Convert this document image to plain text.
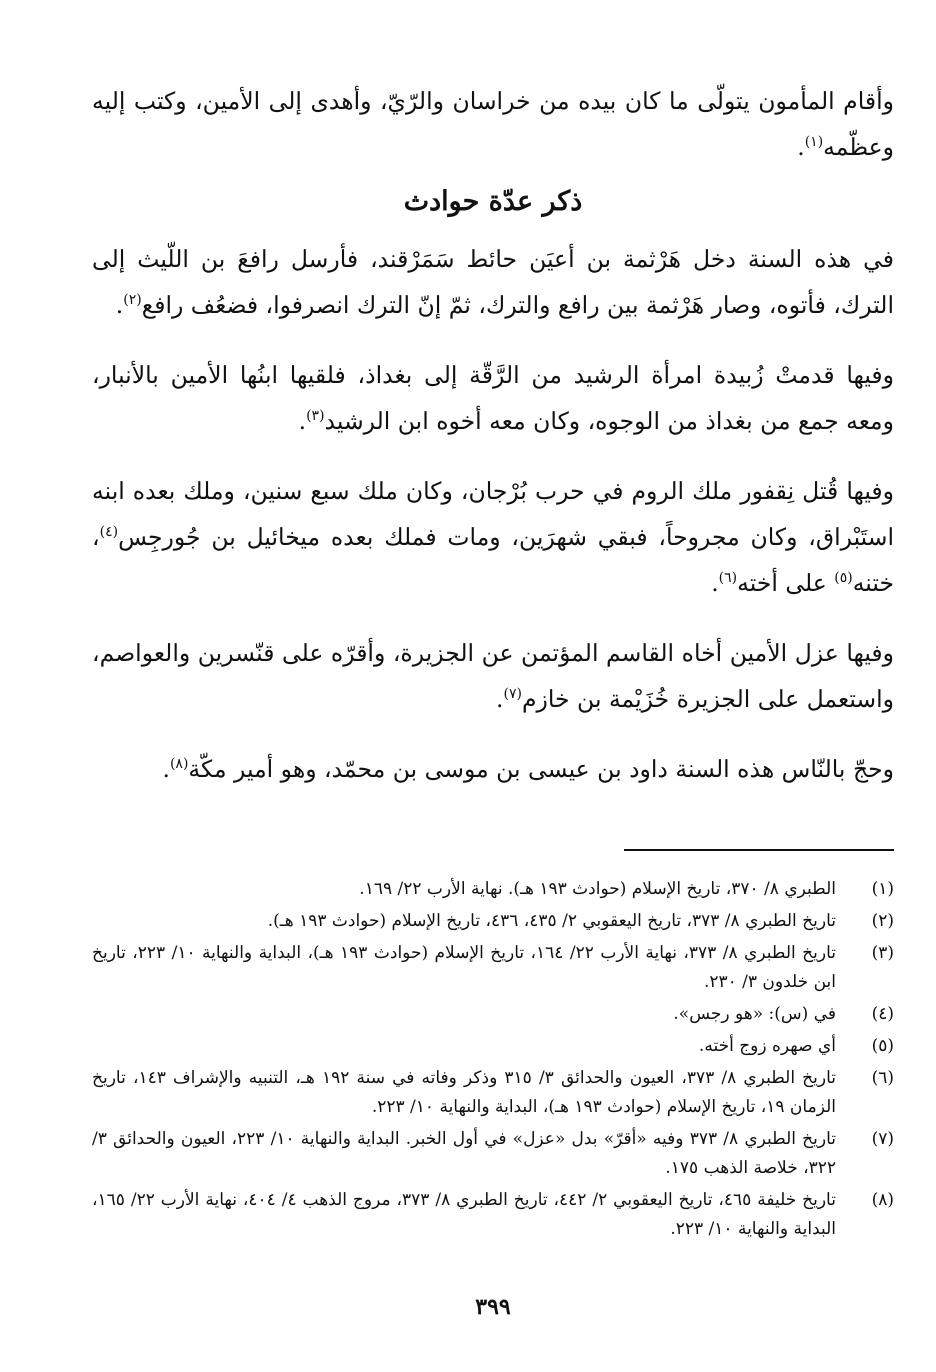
وأقام المأمون يتولّى ما كان بيده من خراسان والرّيّ، وأهدى إلى الأمين، وكتب إليه وعظّمه$^{(١)}$.

ذكر عدّة حوادث

في هذه السنة دخل هَرْثمة بن أعيَن حائط سَمَرْقند، فأرسل رافعَ بن اللّيث إلى الترك، فأتوه، وصار هَرْثمة بين رافع والترك، ثمّ إنّ الترك انصرفوا، فضعُف رافع$^{(٢)}$.

وفيها قدمتْ زُبيدة امرأة الرشيد من الرَّقّة إلى بغداذ، فلقيها ابنُها الأمين بالأنبار، ومعه جمع من بغداذ من الوجوه، وكان معه أخوه ابن الرشيد$^{(٣)}$.

وفيها قُتل نِقفور ملك الروم في حرب بُرْجان، وكان ملك سبع سنين، وملك بعده ابنه استَبْراق، وكان مجروحاً، فبقي شهرَين، ومات فملك بعده ميخائيل بن جُورجِس$^{(٤)}$، ختنه$^{(٥)}$ على أخته$^{(٦)}$.

وفيها عزل الأمين أخاه القاسم المؤتمن عن الجزيرة، وأقرّه على قنّسرين والعواصم، واستعمل على الجزيرة خُزَيْمة بن خازم$^{(٧)}$.

وحجّ بالنّاس هذه السنة داود بن عيسى بن موسى بن محمّد، وهو أمير مكّة$^{(٨)}$.

(١)
الطبري ٨/ ٣٧٠، تاريخ الإسلام (حوادث ١٩٣ هـ). نهاية الأرب ٢٢/ ١٦٩.
(٢)
تاريخ الطبري ٨/ ٣٧٣، تاريخ اليعقوبي ٢/ ٤٣٥، ٤٣٦، تاريخ الإسلام (حوادث ١٩٣ هـ).
(٣)
تاريخ الطبري ٨/ ٣٧٣، نهاية الأرب ٢٢/ ١٦٤، تاريخ الإسلام (حوادث ١٩٣ هـ)، البداية والنهاية ١٠/ ٢٢٣، تاريخ ابن خلدون ٣/ ٢٣٠.
(٤)
في (س): «هو رجس».
(٥)
أي صهره زوج أخته.
(٦)
تاريخ الطبري ٨/ ٣٧٣، العيون والحدائق ٣/ ٣١٥ وذكر وفاته في سنة ١٩٢ هـ، التنبيه والإشراف ١٤٣، تاريخ الزمان ١٩، تاريخ الإسلام (حوادث ١٩٣ هـ)، البداية والنهاية ١٠/ ٢٢٣.
(٧)
تاريخ الطبري ٨/ ٣٧٣ وفيه «أقرّ» بدل «عزل» في أول الخبر. البداية والنهاية ١٠/ ٢٢٣، العيون والحدائق ٣/ ٣٢٢، خلاصة الذهب ١٧٥.
(٨)
تاريخ خليفة ٤٦٥، تاريخ اليعقوبي ٢/ ٤٤٢، تاريخ الطبري ٨/ ٣٧٣، مروج الذهب ٤/ ٤٠٤، نهاية الأرب ٢٢/ ١٦٥، البداية والنهاية ١٠/ ٢٢٣.
٣٩٩
